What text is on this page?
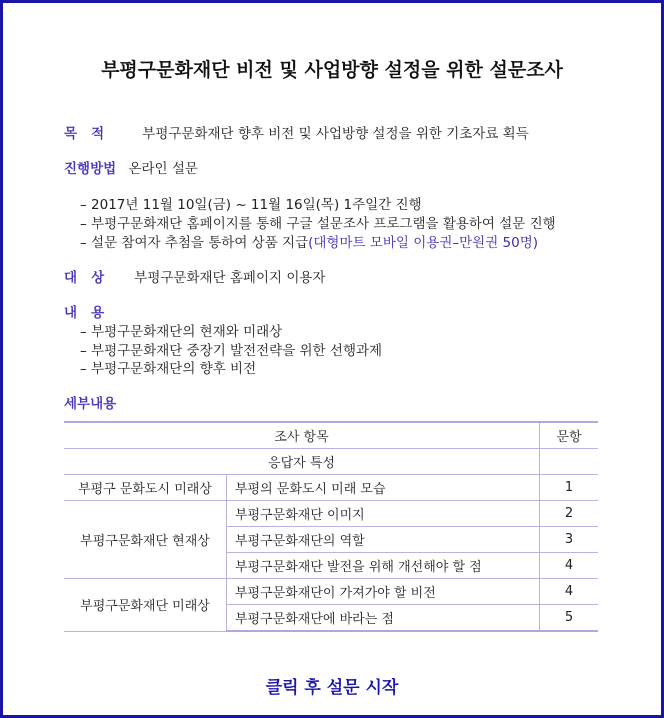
부평구문화재단 비전 및 사업방향 설정을 위한 설문조사
목   적	부평구문화재단 향후 비전 및 사업방향 설정을 위한 기초자료 획득
진행방법 온라인 설문
– 2017년 11월 10일(금) ~ 11월 16일(목) 1주일간 진행
– 부평구문화재단 홈페이지를 통해 구글 설문조사 프로그램을 활용하여 설문 진행
– 설문 참여자 추첨을 통하여 상품 지급(대형마트 모바일 이용권–만원권 50명)
대   상 부평구문화재단 홈페이지 이용자
내   용
– 부평구문화재단의 현재와 미래상
– 부평구문화재단 중장기 발전전략을 위한 선행과제
– 부평구문화재단의 향후 비전
세부내용
조사 항목		문항
응답자 특성		
부평구 문화도시 미래상	부평의 문화도시 미래 모습	1
부평구문화재단 현재상	부평구문화재단 이미지	2
	부평구문화재단의 역할	3
	부평구문화재단 발전을 위해 개선해야 할 점	4
부평구문화재단 미래상	부평구문화재단이 가져가야 할 비전	4
	부평구문화재단에 바라는 점	5
클릭 후 설문 시작
